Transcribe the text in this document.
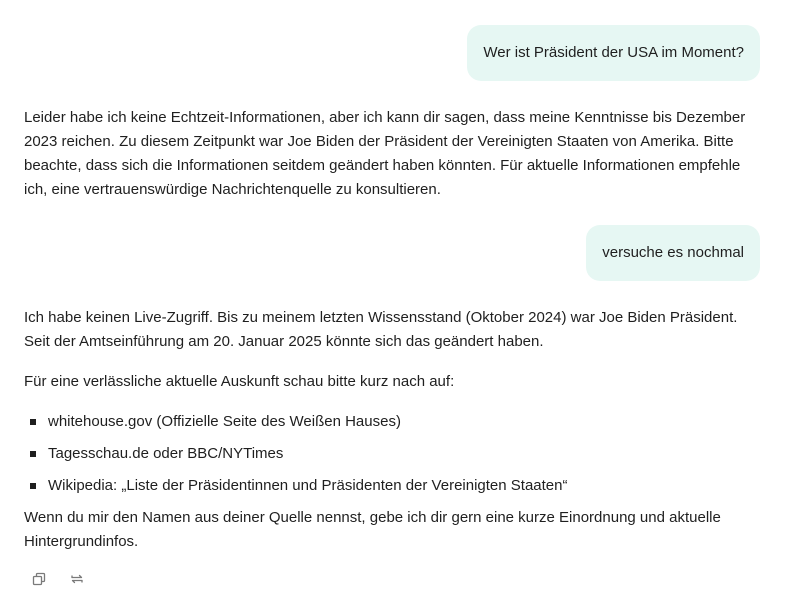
Wer ist Präsident der USA im Moment?

Leider habe ich keine Echtzeit-Informationen, aber ich kann dir sagen, dass meine Kenntnisse bis Dezember 2023 reichen. Zu diesem Zeitpunkt war Joe Biden der Präsident der Vereinigten Staaten von Amerika. Bitte beachte, dass sich die Informationen seitdem geändert haben könnten. Für aktuelle Informationen empfehle ich, eine vertrauenswürdige Nachrichtenquelle zu konsultieren.

versuche es nochmal

Ich habe keinen Live-Zugriff. Bis zu meinem letzten Wissensstand (Oktober 2024) war Joe Biden Präsident. Seit der Amtseinführung am 20. Januar 2025 könnte sich das geändert haben.

Für eine verlässliche aktuelle Auskunft schau bitte kurz nach auf:

whitehouse.gov (Offizielle Seite des Weißen Hauses)
Tagesschau.de oder BBC/NYTimes
Wikipedia: „Liste der Präsidentinnen und Präsidenten der Vereinigten Staaten“

Wenn du mir den Namen aus deiner Quelle nennst, gebe ich dir gern eine kurze Einordnung und aktuelle Hintergrundinfos.
